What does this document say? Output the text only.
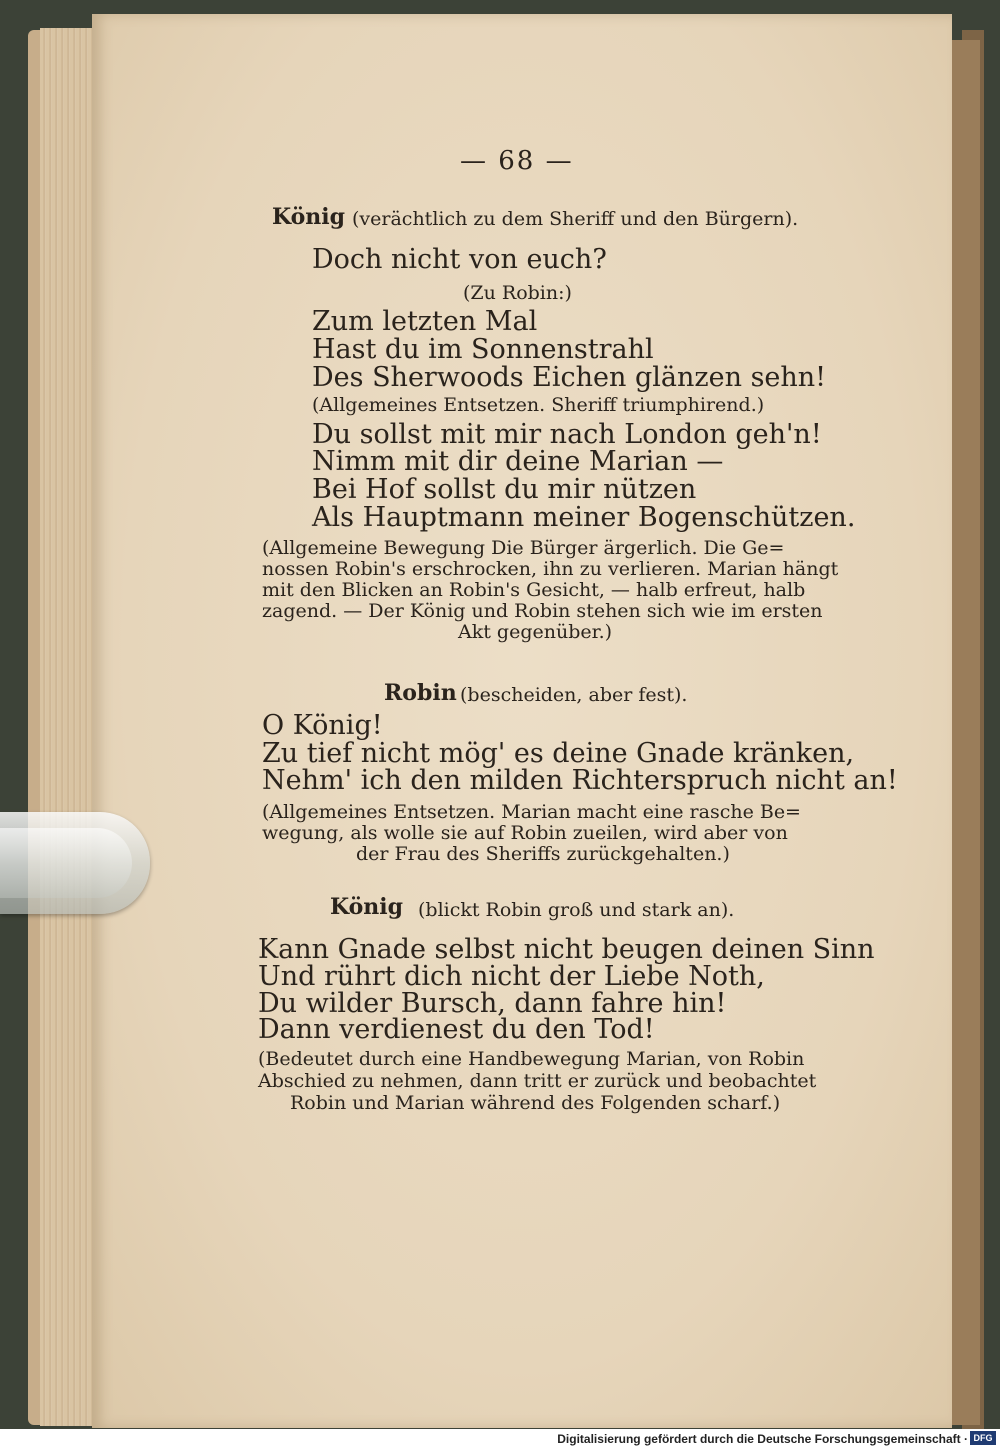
— 68 —
König (verächtlich zu dem Sheriff und den Bürgern).
Doch nicht von euch?
(Zu Robin:)
Zum letzten Mal
Hast du im Sonnenstrahl
Des Sherwoods Eichen glänzen sehn!
(Allgemeines Entsetzen. Sheriff triumphirend.)
Du sollst mit mir nach London geh'n!
Nimm mit dir deine Marian —
Bei Hof sollst du mir nützen
Als Hauptmann meiner Bogenschützen.
(Allgemeine Bewegung Die Bürger ärgerlich. Die Ge=
nossen Robin's erschrocken, ihn zu verlieren. Marian hängt
mit den Blicken an Robin's Gesicht, — halb erfreut, halb
zagend. — Der König und Robin stehen sich wie im ersten
Akt gegenüber.)
Robin (bescheiden, aber fest).
O König!
Zu tief nicht mög' es deine Gnade kränken,
Nehm' ich den milden Richterspruch nicht an!
(Allgemeines Entsetzen. Marian macht eine rasche Be=
wegung, als wolle sie auf Robin zueilen, wird aber von
der Frau des Sheriffs zurückgehalten.)
König (blickt Robin groß und stark an).
Kann Gnade selbst nicht beugen deinen Sinn
Und rührt dich nicht der Liebe Noth,
Du wilder Bursch, dann fahre hin!
Dann verdienest du den Tod!
(Bedeutet durch eine Handbewegung Marian, von Robin
Abschied zu nehmen, dann tritt er zurück und beobachtet
Robin und Marian während des Folgenden scharf.)
Digitalisierung gefördert durch die Deutsche Forschungsgemeinschaft · DFG
